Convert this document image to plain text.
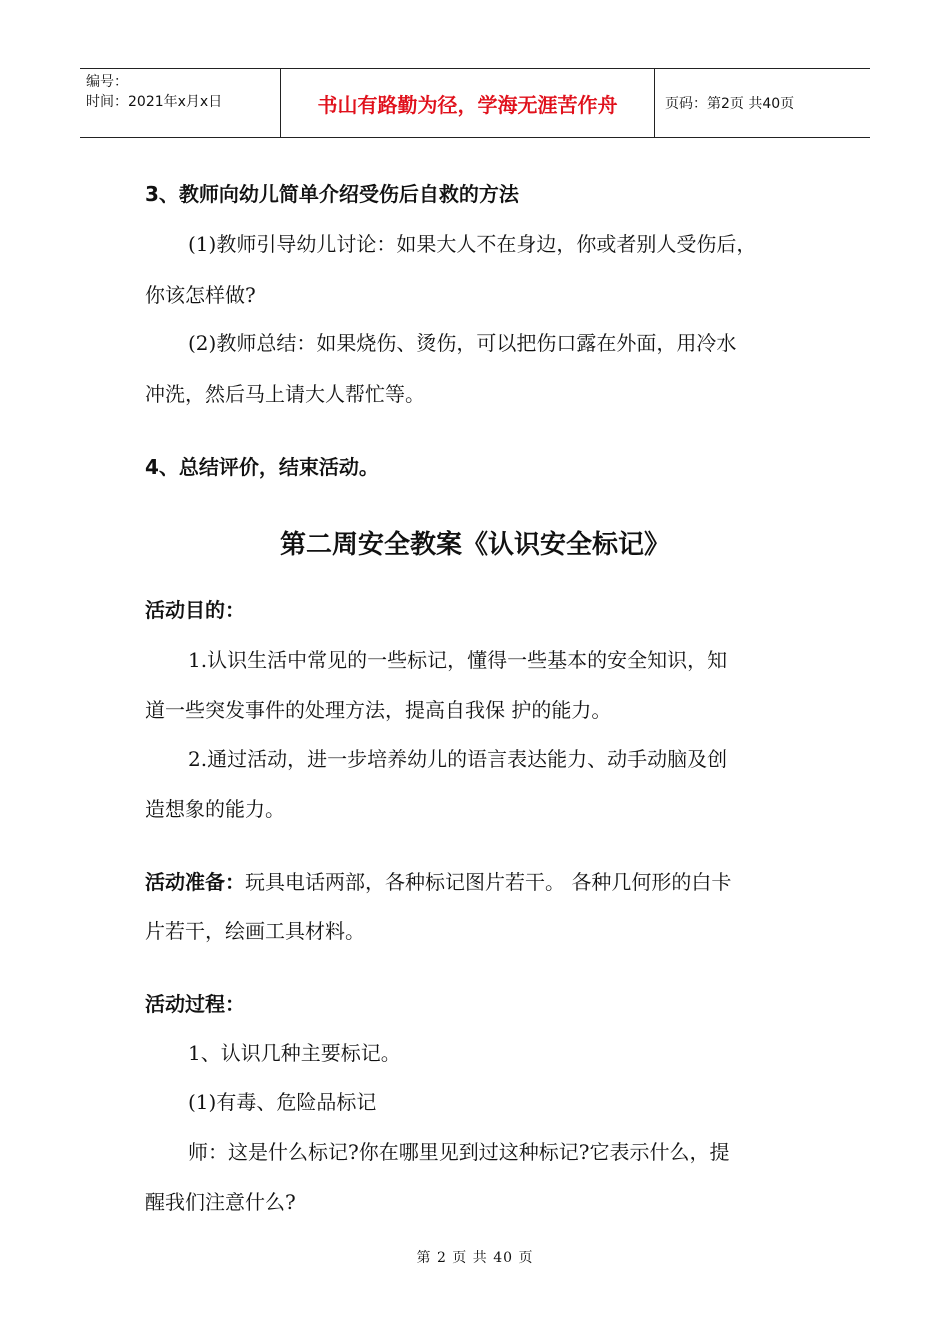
编号：
时间：2021年x月x日	书山有路勤为径，学海无涯苦作舟	页码：第2页 共40页
3、教师向幼儿简单介绍受伤后自救的方法
(1)教师引导幼儿讨论：如果大人不在身边，你或者别人受伤后，
你该怎样做?
(2)教师总结：如果烧伤、烫伤，可以把伤口露在外面，用冷水
冲洗，然后马上请大人帮忙等。
4、总结评价，结束活动。
第二周安全教案《认识安全标记》
活动目的：
1.认识生活中常见的一些标记，懂得一些基本的安全知识，知
道一些突发事件的处理方法，提高自我保 护的能力。
2.通过活动，进一步培养幼儿的语言表达能力、动手动脑及创
造想象的能力。
活动准备：玩具电话两部，各种标记图片若干。 各种几何形的白卡
片若干，绘画工具材料。
活动过程：
1、认识几种主要标记。
(1)有毒、危险品标记
师：这是什么标记?你在哪里见到过这种标记?它表示什么，提
醒我们注意什么?
第 2 页 共 40 页
